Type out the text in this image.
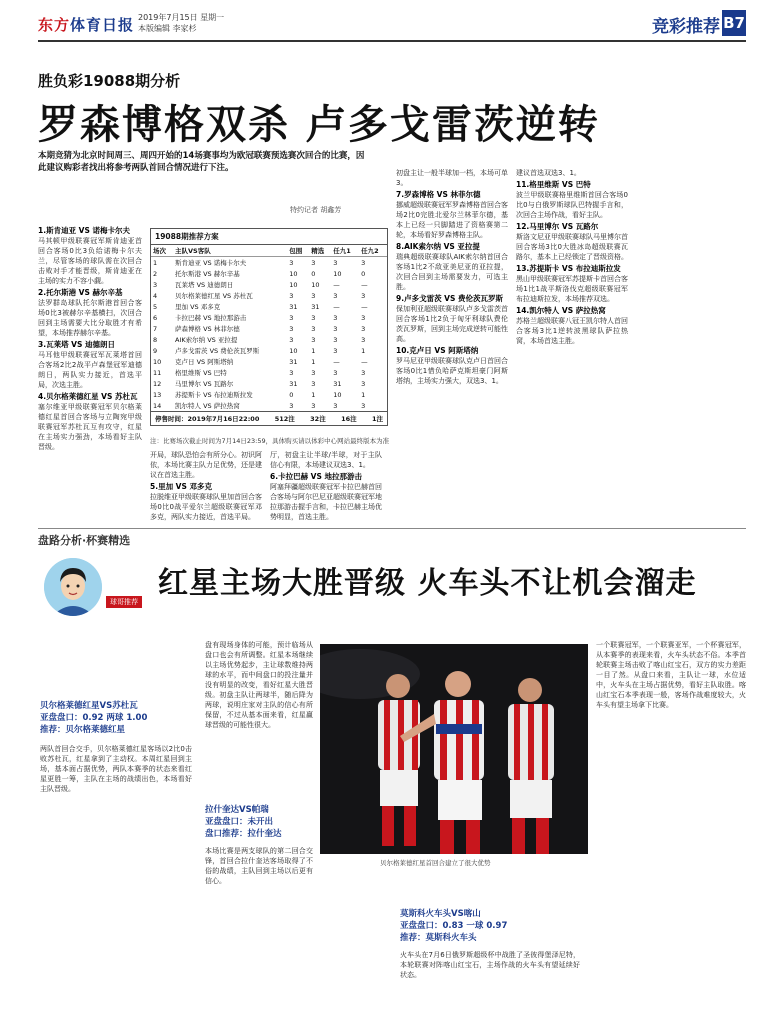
东方体育日报 2019年7月15日 星期一
本版编辑 李家杉	竞彩推荐 B7
胜负彩19088期分析
罗森博格双杀 卢多戈雷茨逆转
本期竞猜为北京时间周三、周四开始的14场赛事均为欧冠联赛预选赛次回合的比赛，因此建议购彩者找出将参考两队首回合情况进行下注。
特约记者 胡鑫芳
1.斯肯迪亚 VS 诺梅卡尔夫
马其顿甲级联赛冠军斯肯迪亚首回合客场0比3负给诺梅卡尔夫兰，尽管客场的球队需在次回合击败对手才能晋级，斯肯迪亚在主场的实力不容小觑。
2.托尔斯港 VS 赫尔辛基
法罗群岛球队托尔斯港首回合客场0比3被赫尔辛基横扫，次回合回到主场需要大比分取胜才有希望，本场推荐赫尔辛基。
3.瓦莱塔 VS 迪德朗日
马耳他甲级联赛冠军瓦莱塔首回合客场2比2战平卢森堡冠军迪德朗日，两队实力接近，首选平局，次选主胜。
4.贝尔格莱德红星 VS 苏杜瓦
塞尔维亚甲级联赛冠军贝尔格莱德红星首回合客场与立陶宛甲级联赛冠军苏杜瓦互有攻守，红星在主场实力强劲，本场看好主队晋级。
19088期推荐方案
场次	主队VS客队	包围	精选	任九1	任九2
1	斯肯迪亚 VS 诺梅卡尔夫	3	3	3	3
2	托尔斯港 VS 赫尔辛基	10	0	10	0
3	瓦莱塔 VS 迪德朗日	10	10	—	—
4	贝尔格莱德红星 VS 苏杜瓦	3	3	3	3
5	里加 VS 邓多克	31	31	—	—
6	卡拉巴赫 VS 地拉那游击	3	3	3	3
7	萨森博格 VS 林菲尔德	3	3	3	3
8	AIK索尔纳 VS 亚拉提	3	3	3	3
9	卢多戈雷茨 VS 费伦茨瓦罗斯	10	1	3	1
10	克卢日 VS 阿斯塔纳	31	1	—	—
11	格里维斯 VS 巴特	3	3	3	3
12	马里博尔 VS 瓦路尔	31	3	31	3
13	苏提斯卡 VS 布拉迪斯拉发	0	1	10	1
14	凯尔特人 VS 萨拉热窝	3	3	3	3
停售时间：2019年7月16日22:00 512注 32注 16注 1注
注：比赛场次截止时间为7月14日23:59，具体购买请以体彩中心网站最终版本为准
开局，球队恐怕会有所分心。初识阿依，本场比赛主队力足优势，还是建议在首选主胜。
5.里加 VS 邓多克
拉脱维亚甲级联赛球队里加首回合客场0比0战平爱尔兰超级联赛冠军邓多克，两队实力接近，首选平局。
厅，初盘主让半球/半球，对于主队信心有限，本场建议双选3、1。
6.卡拉巴赫 VS 地拉那游击
阿塞拜疆超级联赛冠军卡拉巴赫首回合客场与阿尔巴尼亚超级联赛冠军地拉那游击握手言和，卡拉巴赫主场优势明显，首选主胜。
初盘主让一般半球加一档，本场可单3。
7.罗森博格 VS 林菲尔德
挪威超级联赛冠军罗森博格首回合客场2比0完胜北爱尔兰林菲尔德，基本上已经一只脚踏进了资格赛第二轮，本场看好罗森博格主队。
8.AIK索尔纳 VS 亚拉提
瑞典超级联赛球队AIK索尔纳首回合客场1比2不敌亚美尼亚的亚拉提，次回合回到主场需要发力，可选主胜。
9.卢多戈雷茨 VS 费伦茨瓦罗斯
保加利亚超级联赛球队卢多戈雷茨首回合客场1比2负于匈牙利球队费伦茨瓦罗斯，回到主场完成逆转可能性高。
10.克卢日 VS 阿斯塔纳
罗马尼亚甲级联赛球队克卢日首回合客场0比1惜负哈萨克斯坦豪门阿斯塔纳，主场实力强大，双选3、1。
建议首选双选3、1。
11.格里维斯 VS 巴特
波兰甲级联赛格里维斯首回合客场0比0与白俄罗斯球队巴特握手言和，次回合主场作战，看好主队。
12.马里博尔 VS 瓦路尔
斯洛文尼亚甲级联赛球队马里博尔首回合客场3比0大胜冰岛超级联赛瓦路尔，基本上已经锁定了晋级资格。
13.苏提斯卡 VS 布拉迪斯拉发
黑山甲级联赛冠军苏提斯卡首回合客场1比1战平斯洛伐克超级联赛冠军布拉迪斯拉发，本场推荐双选。
14.凯尔特人 VS 萨拉热窝
苏格兰超级联赛八冠王凯尔特人首回合客场3比1逆转波黑球队萨拉热窝，本场首选主胜。
盘路分析·杯赛精选
球哥推荐
红星主场大胜晋级 火车头不让机会溜走
贝尔格莱德红星VS苏杜瓦
亚盘盘口：0.92 两球 1.00
推荐：贝尔格莱德红星
两队首回合交手，贝尔格莱德红星客场以2比0击败苏杜瓦，红星拿到了主动权。本周红星回到主场，基本面占据优势，两队本赛季的状态来看红星更胜一筹，主队在主场的战绩出色，本场看好主队晋级。
盘有现场身体的可能，预计临场从盘口也会有所调整。红星本场继续以主场优势起步，主让球数维持两球的水平，而中间盘口的投注量并没有明显的改变，看好红星大胜晋级。初盘主队让两球半，随后降为两球，说明庄家对主队的信心有所保留，不过从基本面来看，红星赢球晋级的可能性很大。
拉什奎达VS帕瑞
亚盘盘口：未开出
盘口推荐：拉什奎达
本场比赛是两支球队的第二回合交锋，首回合拉什奎达客场取得了不俗的战绩，主队回到主场以后更有信心。
贝尔格莱德红星首回合建立了很大优势
莫斯科火车头VS喀山
亚盘盘口：0.83 一球 0.97
推荐：莫斯科火车头
火车头在7月6日俄罗斯超级杯中战胜了圣彼得堡泽尼特，本轮联赛对阵喀山红宝石，主场作战的火车头有望延续好状态。
一个联赛冠军，一个联赛亚军，一个杯赛冠军，从本赛季的表现来看，火车头状态不俗。本季首轮联赛主场击败了喀山红宝石，双方的实力差距一目了然。从盘口来看，主队让一球，水位适中，火车头在主场占据优势，看好主队取胜。喀山红宝石本季表现一般，客场作战难度较大，火车头有望主场拿下比赛。
